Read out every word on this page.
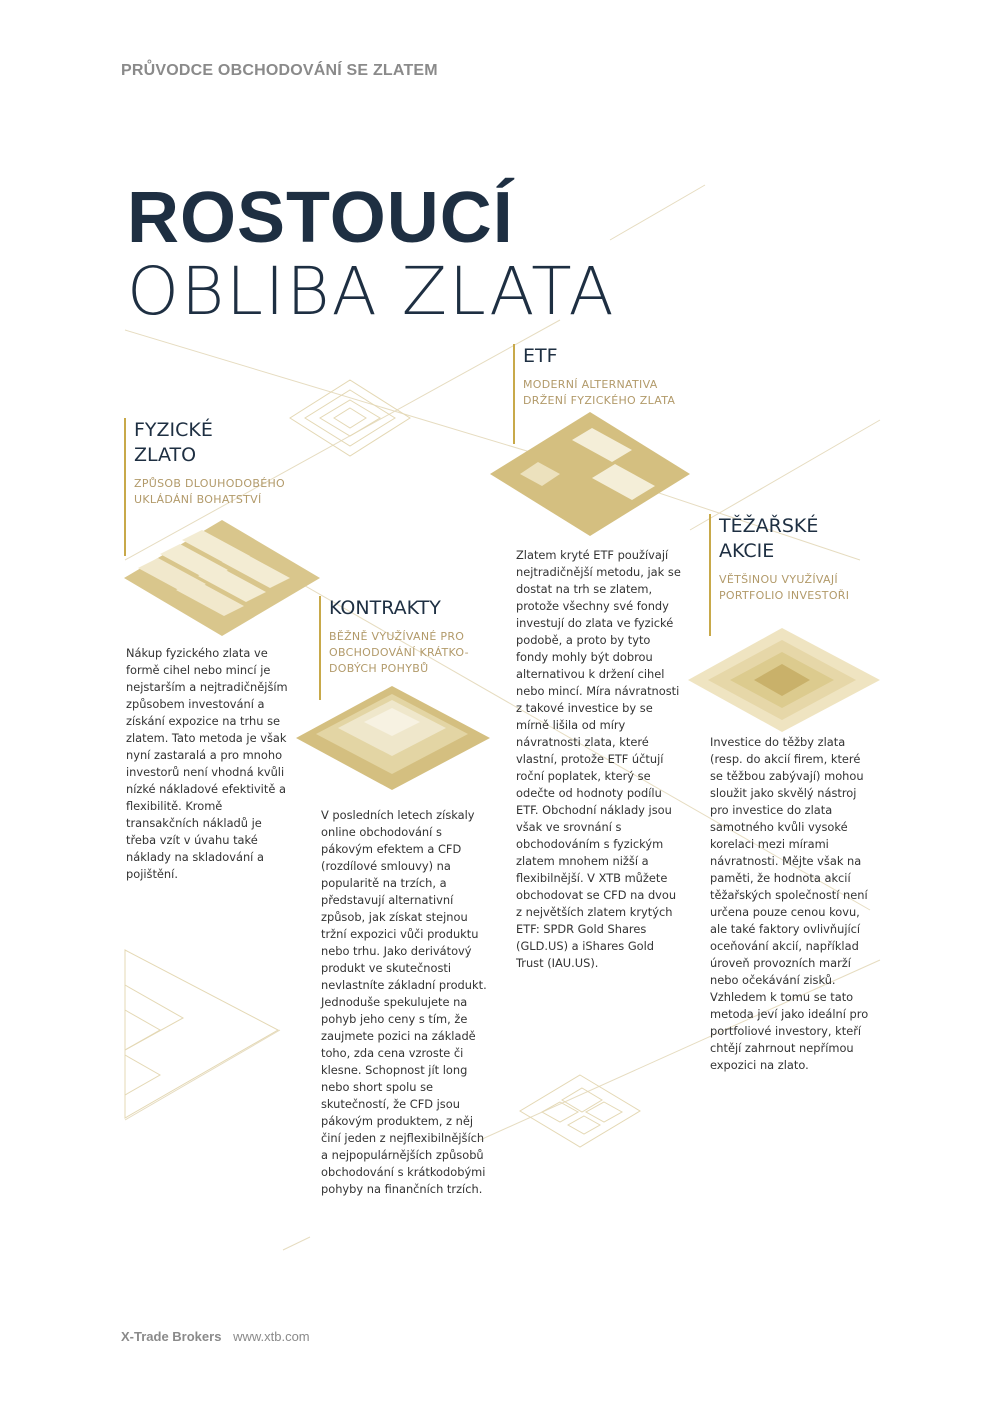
PRŮVODCE OBCHODOVÁNÍ SE ZLATEM
ROSTOUCÍ
OBLIBA ZLATA
ETF
MODERNÍ ALTERNATIVA
DRŽENÍ FYZICKÉHO ZLATA
FYZICKÉ
ZLATO
ZPŮSOB DLOUHODOBÉHO
UKLÁDÁNÍ BOHATSTVÍ
TĚŽAŘSKÉ
AKCIE
VĚTŠINOU VYUŽÍVAJÍ
PORTFOLIO INVESTOŘI
KONTRAKTY
BĚŽNĚ VYUŽÍVANÉ PRO
OBCHODOVÁNÍ KRÁTKO-
DOBÝCH POHYBŮ
Nákup fyzického zlata ve
formě cihel nebo mincí je
nejstarším a nejtradičnějším
způsobem investování a
získání expozice na trhu se
zlatem. Tato metoda je však
nyní zastaralá a pro mnoho
investorů není vhodná kvůli
nízké nákladové efektivitě a
flexibilitě. Kromě
transakčních nákladů je
třeba vzít v úvahu také
náklady na skladování a
pojištění.
Zlatem kryté ETF používají
nejtradičnější metodu, jak se
dostat na trh se zlatem,
protože všechny své fondy
investují do zlata ve fyzické
podobě, a proto by tyto
fondy mohly být dobrou
alternativou k držení cihel
nebo mincí. Míra návratnosti
z takové investice by se
mírně lišila od míry
návratnosti zlata, které
vlastní, protože ETF účtují
roční poplatek, který se
odečte od hodnoty podílu
ETF. Obchodní náklady jsou
však ve srovnání s
obchodováním s fyzickým
zlatem mnohem nižší a
flexibilnější. V XTB můžete
obchodovat se CFD na dvou
z největších zlatem krytých
ETF: SPDR Gold Shares
(GLD.US) a iShares Gold
Trust (IAU.US).
Investice do těžby zlata
(resp. do akcií firem, které
se těžbou zabývají) mohou
sloužit jako skvělý nástroj
pro investice do zlata
samotného kvůli vysoké
korelaci mezi mírami
návratnosti. Mějte však na
paměti, že hodnota akcií
těžařských společností není
určena pouze cenou kovu,
ale také faktory ovlivňující
oceňování akcií, například
úroveň provozních marží
nebo očekávání zisků.
Vzhledem k tomu se tato
metoda jeví jako ideální pro
portfoliové investory, kteří
chtějí zahrnout nepřímou
expozici na zlato.
V posledních letech získaly
online obchodování s
pákovým efektem a CFD
(rozdílové smlouvy) na
popularitě na trzích, a
představují alternativní
způsob, jak získat stejnou
tržní expozici vůči produktu
nebo trhu. Jako derivátový
produkt ve skutečnosti
nevlastníte základní produkt.
Jednoduše spekulujete na
pohyb jeho ceny s tím, že
zaujmete pozici na základě
toho, zda cena vzroste či
klesne. Schopnost jít long
nebo short spolu se
skutečností, že CFD jsou
pákovým produktem, z něj
činí jeden z nejflexibilnějších
a nejpopulárnějších způsobů
obchodování s krátkodobými
pohyby na finančních trzích.
X-Trade Brokers www.xtb.com
